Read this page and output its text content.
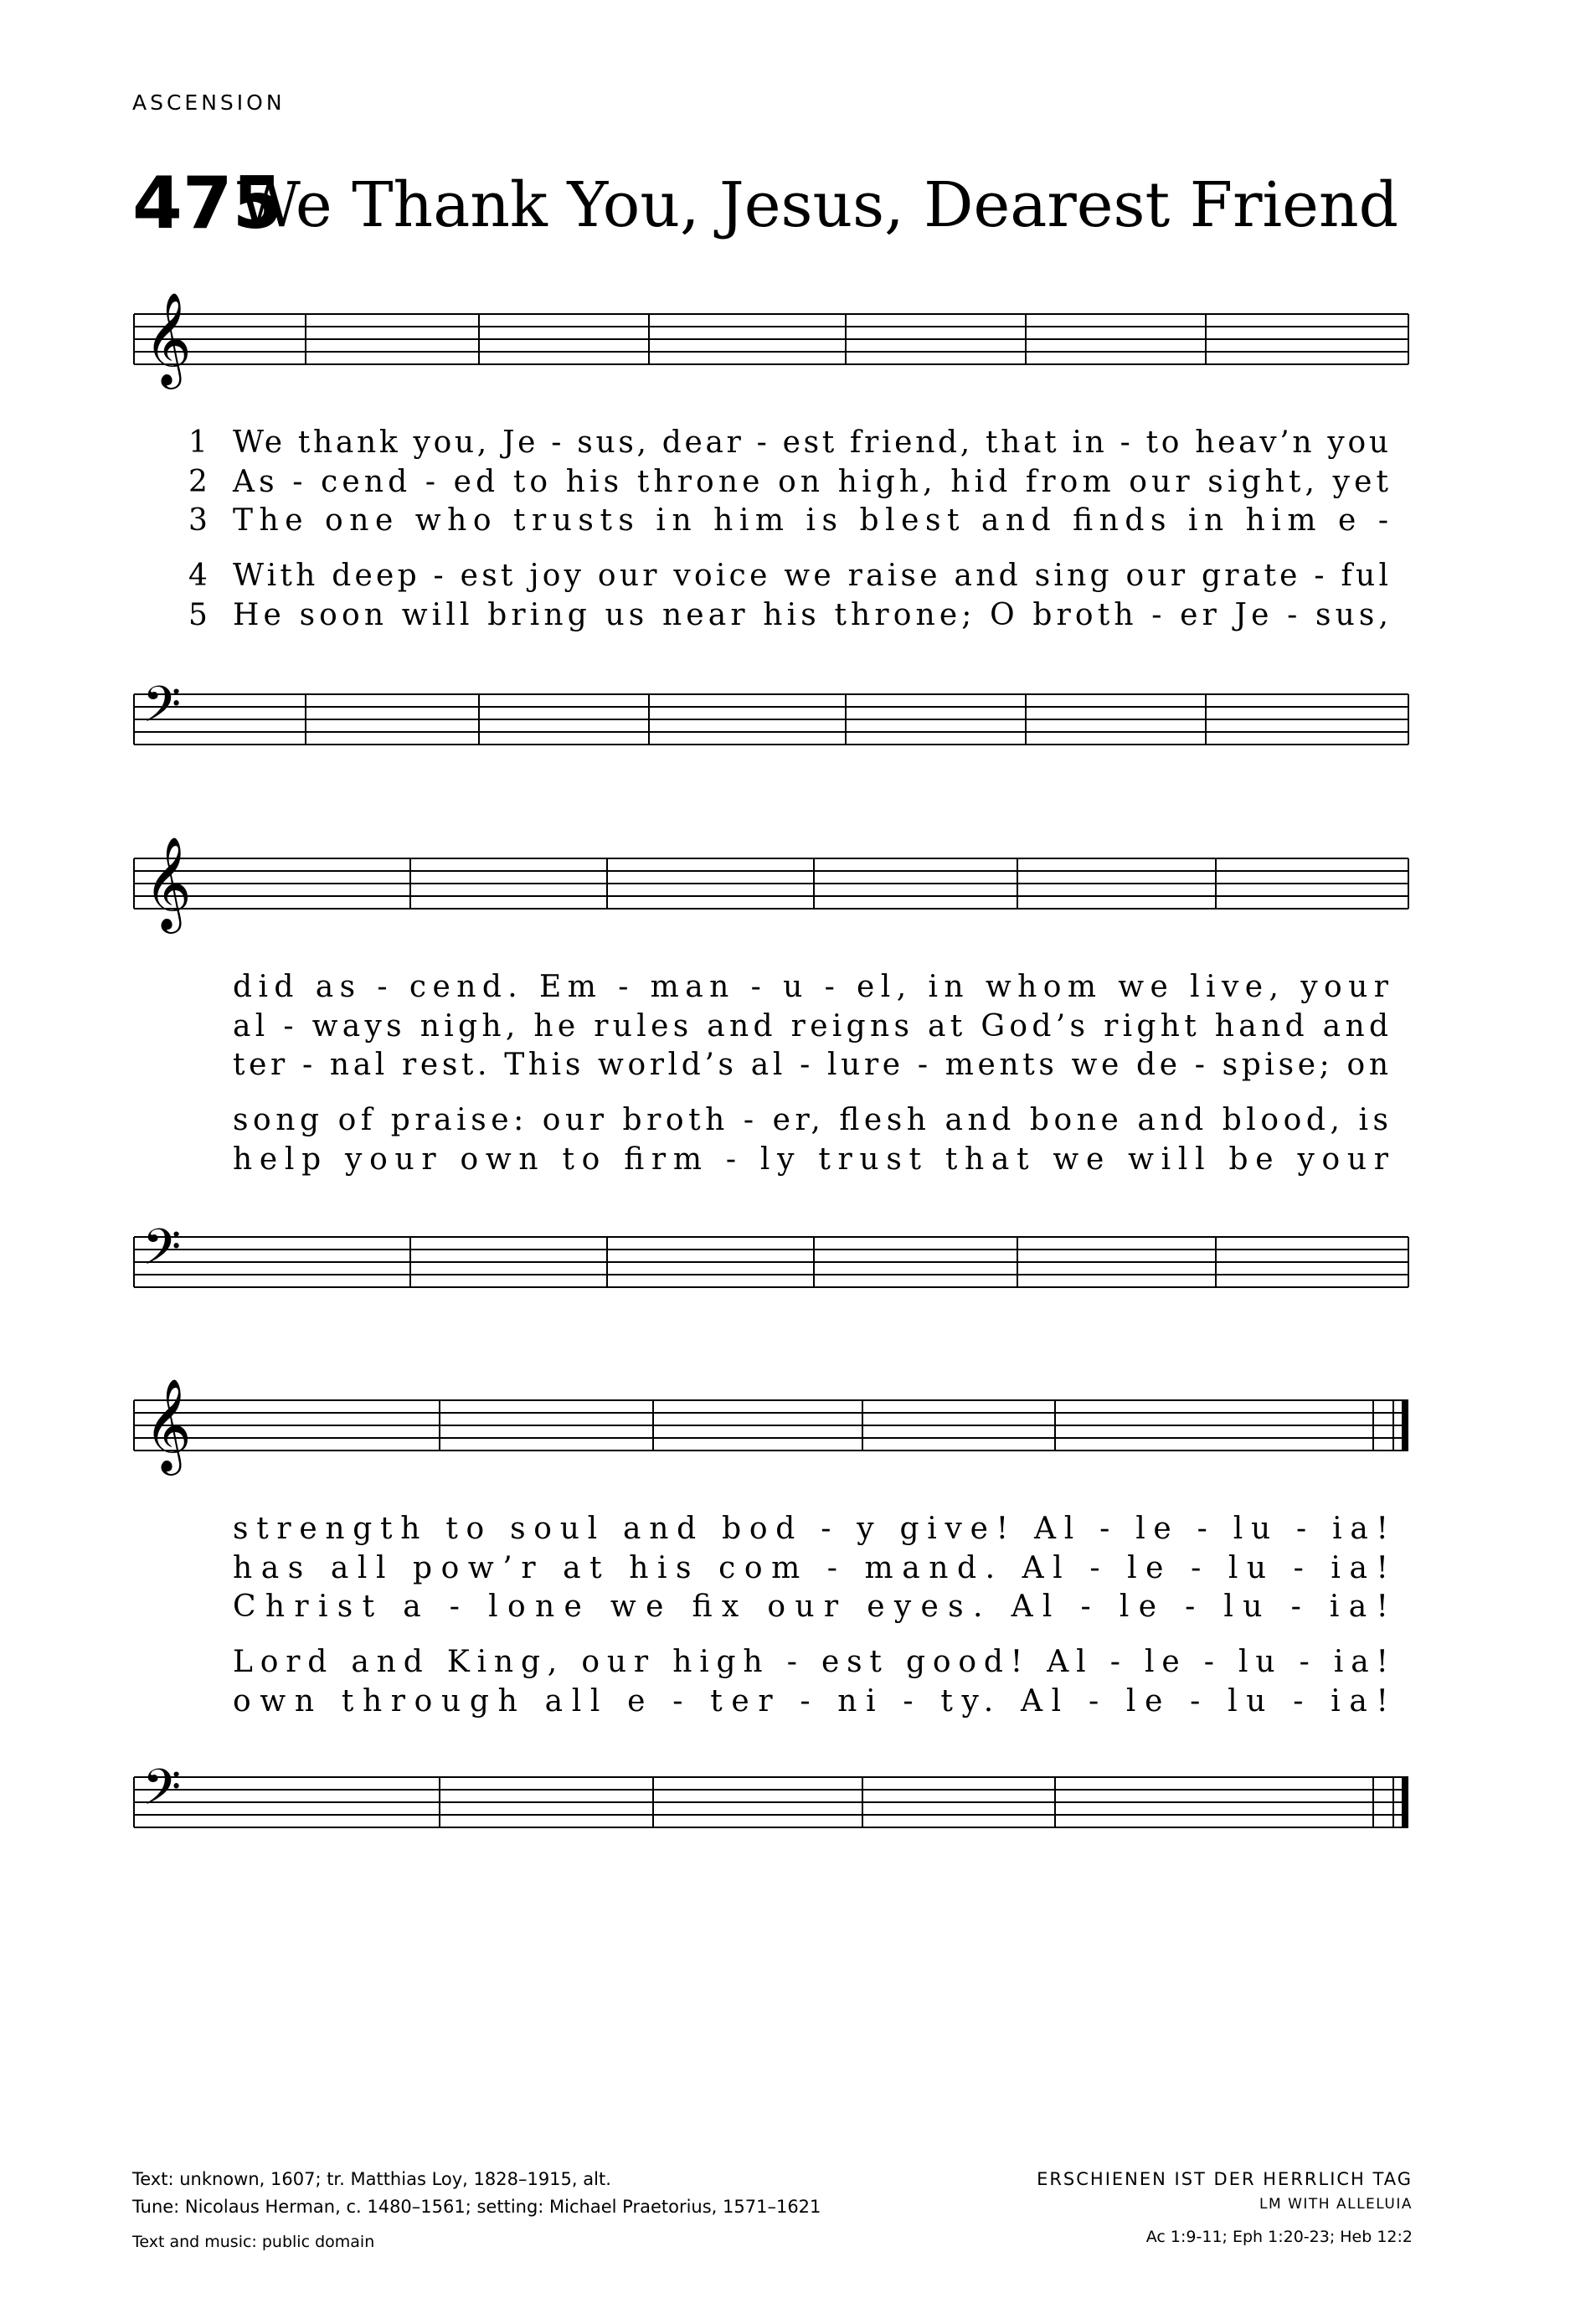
ASCENSION
475
We Thank You, Jesus, Dearest Friend
𝄞
𝄢
1 We thank you, Je - sus, dear - est friend, that in - to heav’n you
2 As - cend - ed to his throne on high, hid from our sight, yet
3 The one who trusts in him is blest and finds in him e -
4 With deep - est joy our voice we raise and sing our grate - ful
5 He soon will bring us near his throne; O broth - er Je - sus,
𝄞
𝄢
did as - cend. Em - man - u - el, in whom we live, your
al - ways nigh, he rules and reigns at God’s right hand and
ter - nal rest. This world’s al - lure - ments we de - spise; on
song of praise: our broth - er, flesh and bone and blood, is
help your own to firm - ly trust that we will be your
𝄞
𝄢
strength to soul and bod - y give! Al - le - lu - ia!
has all pow’r at his com - mand. Al - le - lu - ia!
Christ a - lone we fix our eyes. Al - le - lu - ia!
Lord and King, our high - est good! Al - le - lu - ia!
own through all e - ter - ni - ty. Al - le - lu - ia!
Text: unknown, 1607; tr. Matthias Loy, 1828–1915, alt.
Tune: Nicolaus Herman, c. 1480–1561; setting: Michael Praetorius, 1571–1621
Text and music: public domain
ERSCHIENEN IST DER HERRLICH TAG
LM WITH ALLELUIA
Ac 1:9-11; Eph 1:20-23; Heb 12:2
